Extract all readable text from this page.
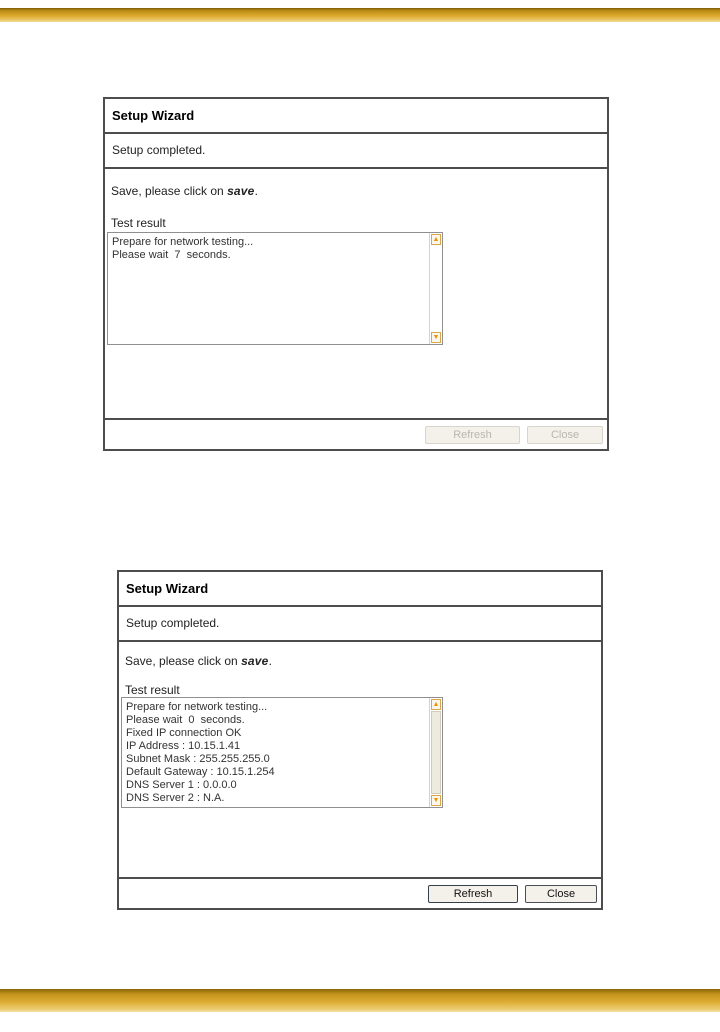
Setup Wizard
Setup completed.
Save, please click on save.
Test result
Prepare for network testing...
Please wait  7  seconds.
▲
▼
Refresh	Close
Setup Wizard
Setup completed.
Save, please click on save.
Test result
Prepare for network testing...
Please wait  0  seconds.
Fixed IP connection OK
IP Address : 10.15.1.41
Subnet Mask : 255.255.255.0
Default Gateway : 10.15.1.254
DNS Server 1 : 0.0.0.0
DNS Server 2 : N.A.
▲
▼
Refresh	Close
